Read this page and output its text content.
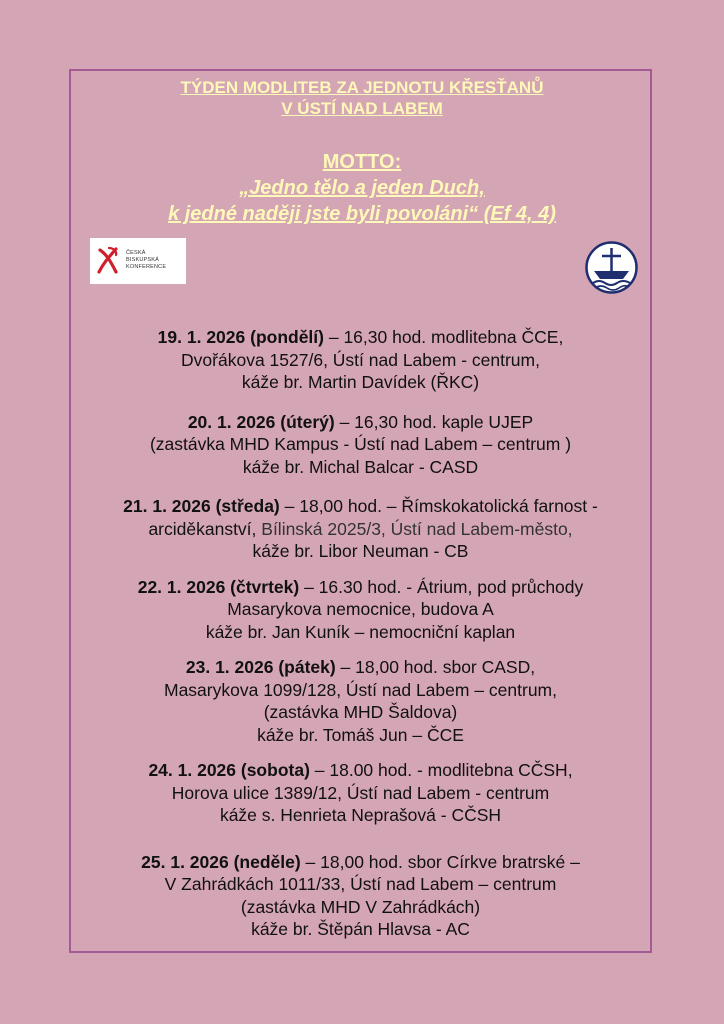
TÝDEN MODLITEB ZA JEDNOTU KŘESŤANŮ
V ÚSTÍ NAD LABEM
MOTTO:
„Jedno tělo a jeden Duch,
k jedné naději jste byli povoláni“ (Ef 4, 4)
ČESKÁ
BISKUPSKÁ
KONFERENCE
19. 1. 2026 (pondělí) – 16,30 hod. modlitebna ČCE,
Dvořákova 1527/6, Ústí nad Labem - centrum,
káže br. Martin Davídek (ŘKC)
20. 1. 2026 (úterý) – 16,30 hod. kaple UJEP
(zastávka MHD Kampus - Ústí nad Labem – centrum )
káže br. Michal Balcar - CASD
21. 1. 2026 (středa) – 18,00 hod. – Římskokatolická farnost -
arciděkanství, Bílinská 2025/3, Ústí nad Labem-město,
káže br. Libor Neuman - CB
22. 1. 2026 (čtvrtek) – 16.30 hod. - Átrium, pod průchody
Masarykova nemocnice, budova A
káže br. Jan Kuník – nemocniční kaplan
23. 1. 2026 (pátek) – 18,00 hod. sbor CASD,
Masarykova 1099/128, Ústí nad Labem – centrum,
(zastávka MHD Šaldova)
káže br. Tomáš Jun – ČCE
24. 1. 2026 (sobota) – 18.00 hod. - modlitebna CČSH,
Horova ulice 1389/12, Ústí nad Labem - centrum
káže s. Henrieta Neprašová - CČSH
25. 1. 2026 (neděle) – 18,00 hod. sbor Církve bratrské –
V Zahrádkách 1011/33, Ústí nad Labem – centrum
(zastávka MHD V Zahrádkách)
káže br. Štěpán Hlavsa - AC
